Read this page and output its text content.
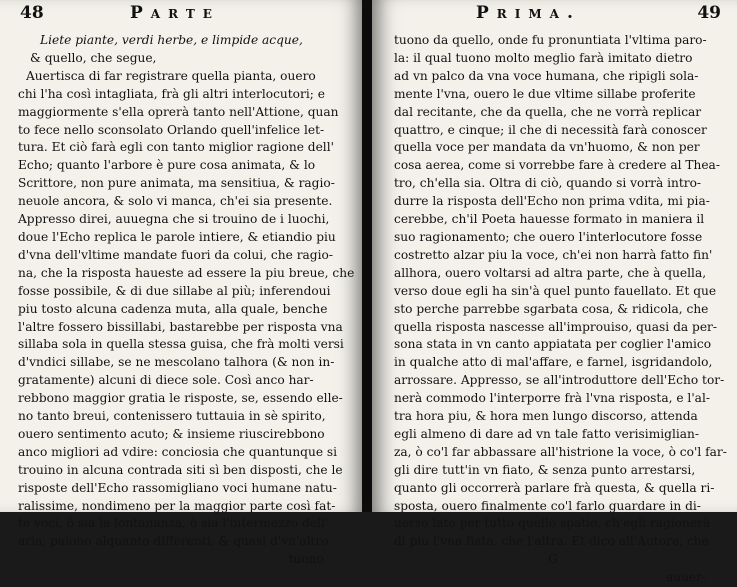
48	Parte
Liete piante, verdi herbe, e limpide acque,
& quello, che segue,
Auertisca di far registrare quella pianta, ouero
chi l'ha così intagliata, frà gli altri interlocutori; e
maggiormente s'ella oprerà tanto nell'Attione, quan
to fece nello sconsolato Orlando quell'infelice let-
tura. Et ciò farà egli con tanto miglior ragione dell'
Echo; quanto l'arbore è pure cosa animata, & lo
Scrittore, non pure animata, ma sensitiua, & ragio-
neuole ancora, & solo vi manca, ch'ei sia presente.
Appresso direi, auuegna che si trouino de i luochi,
doue l'Echo replica le parole intiere, & etiandio piu
d'vna dell'vltime mandate fuori da colui, che ragio-
na, che la risposta haueste ad essere la piu breue, che
fosse possibile, & di due sillabe al più; inferendoui
piu tosto alcuna cadenza muta, alla quale, benche
l'altre fossero bissillabi, bastarebbe per risposta vna
sillaba sola in quella stessa guisa, che frà molti versi
d'vndici sillabe, se ne mescolano talhora (& non in-
gratamente) alcuni di diece sole. Così anco har-
rebbono maggior gratia le risposte, se, essendo elle-
no tanto breui, contenissero tuttauia in sè spirito,
ouero sentimento acuto; & insieme riuscirebbono
anco migliori ad vdire: conciosia che quantunque si
trouino in alcuna contrada siti sì ben disposti, che le
risposte dell'Echo rassomigliano voci humane natu-
ralissime, nondimeno per la maggior parte così fat-
te voci, ò sia la lontananza, ò sia l'intermezzo dell'
aria, paiono alquanto differenti, & quasi d'vn'altro
tuono
Prima.	49
tuono da quello, onde fu pronuntiata l'vltima paro-
la: il qual tuono molto meglio farà imitato dietro
ad vn palco da vna voce humana, che ripigli sola-
mente l'vna, ouero le due vltime sillabe proferite
dal recitante, che da quella, che ne vorrà replicar
quattro, e cinque; il che di necessità farà conoscer
quella voce per mandata da vn'huomo, & non per
cosa aerea, come si vorrebbe fare à credere al Thea-
tro, ch'ella sia. Oltra di ciò, quando si vorrà intro-
durre la risposta dell'Echo non prima vdita, mi pia-
cerebbe, ch'il Poeta hauesse formato in maniera il
suo ragionamento; che ouero l'interlocutore fosse
costretto alzar piu la voce, ch'ei non harrà fatto fin'
allhora, ouero voltarsi ad altra parte, che à quella,
verso doue egli ha sin'à quel punto fauellato. Et que
sto perche parrebbe sgarbata cosa, & ridicola, che
quella risposta nascesse all'improuiso, quasi da per-
sona stata in vn canto appiatata per coglier l'amico
in qualche atto di mal'affare, e farnel, isgridandolo,
arrossare. Appresso, se all'introduttore dell'Echo tor-
nerà commodo l'interporre frà l'vna risposta, e l'al-
tra hora piu, & hora men lungo discorso, attenda
egli almeno di dare ad vn tale fatto verisimiglian-
za, ò co'l far abbassare all'histrione la voce, ò co'l far-
gli dire tutt'in vn fiato, & senza punto arrestarsi,
quanto gli occorrerà parlare frà questa, & quella ri-
sposta, ouero finalmente co'l farlo guardare in di-
uerso lato per tutto quello spatio, ch'egli ragionerà
di piu l'vna fiata, che l'altra. Et dico all'Autore, che
G
auuer-
